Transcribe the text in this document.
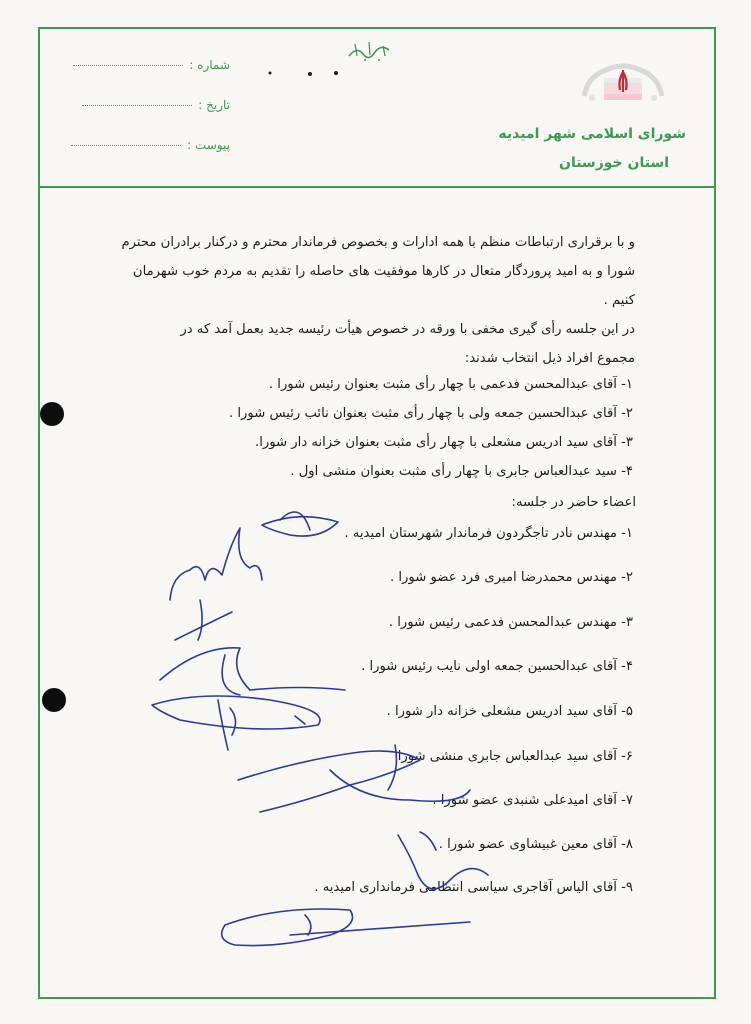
شماره :
تاریخ :
پیوست :
شورای اسلامی شهر امیدیه
استان خوزستان

و با برقراری ارتباطات منظم با همه ادارات و بخصوص فرماندار محترم و درکنار برادران محترم

شورا و به امید پروردگار متعال در کارها موفقیت های حاصله را تقدیم به مردم خوب شهرمان

کنیم .

در این جلسه رأی گیری مخفی با ورقه در خصوص هیأت رئیسه جدید بعمل آمد که در

مجموع افراد ذیل انتخاب شدند:

۱- آقای عبدالمحسن فدعمی با چهار رأی مثبت بعنوان رئیس شورا .
۲- آقای عبدالحسین جمعه ولی با چهار رأی مثبت بعنوان نائب رئیس شورا .
۳- آقای سید ادریس مشعلی با چهار رأی مثبت بعنوان خزانه دار شورا.
۴- سید عبدالعباس جابری با چهار رأی مثبت بعنوان منشی اول .
اعضاء حاضر در جلسه:
۱- مهندس نادر تاجگردون فرماندار شهرستان امیدیه .
۲- مهندس محمدرضا امیری فرد عضو شورا .
۳- مهندس عبدالمحسن فدعمی رئیس شورا .
۴- آقای عبدالحسین جمعه اولی نایب رئیس شورا .
۵- آقای سید ادریس مشعلی خزانه دار شورا .
۶- آقای سید عبدالعباس جابری منشی شورا
۷- آقای امیدعلی شنبدی عضو شورا .
۸- آقای معین غبیشاوی عضو شورا .
۹- آقای الیاس آقاجری سیاسی انتظامی فرمانداری امیدیه .
